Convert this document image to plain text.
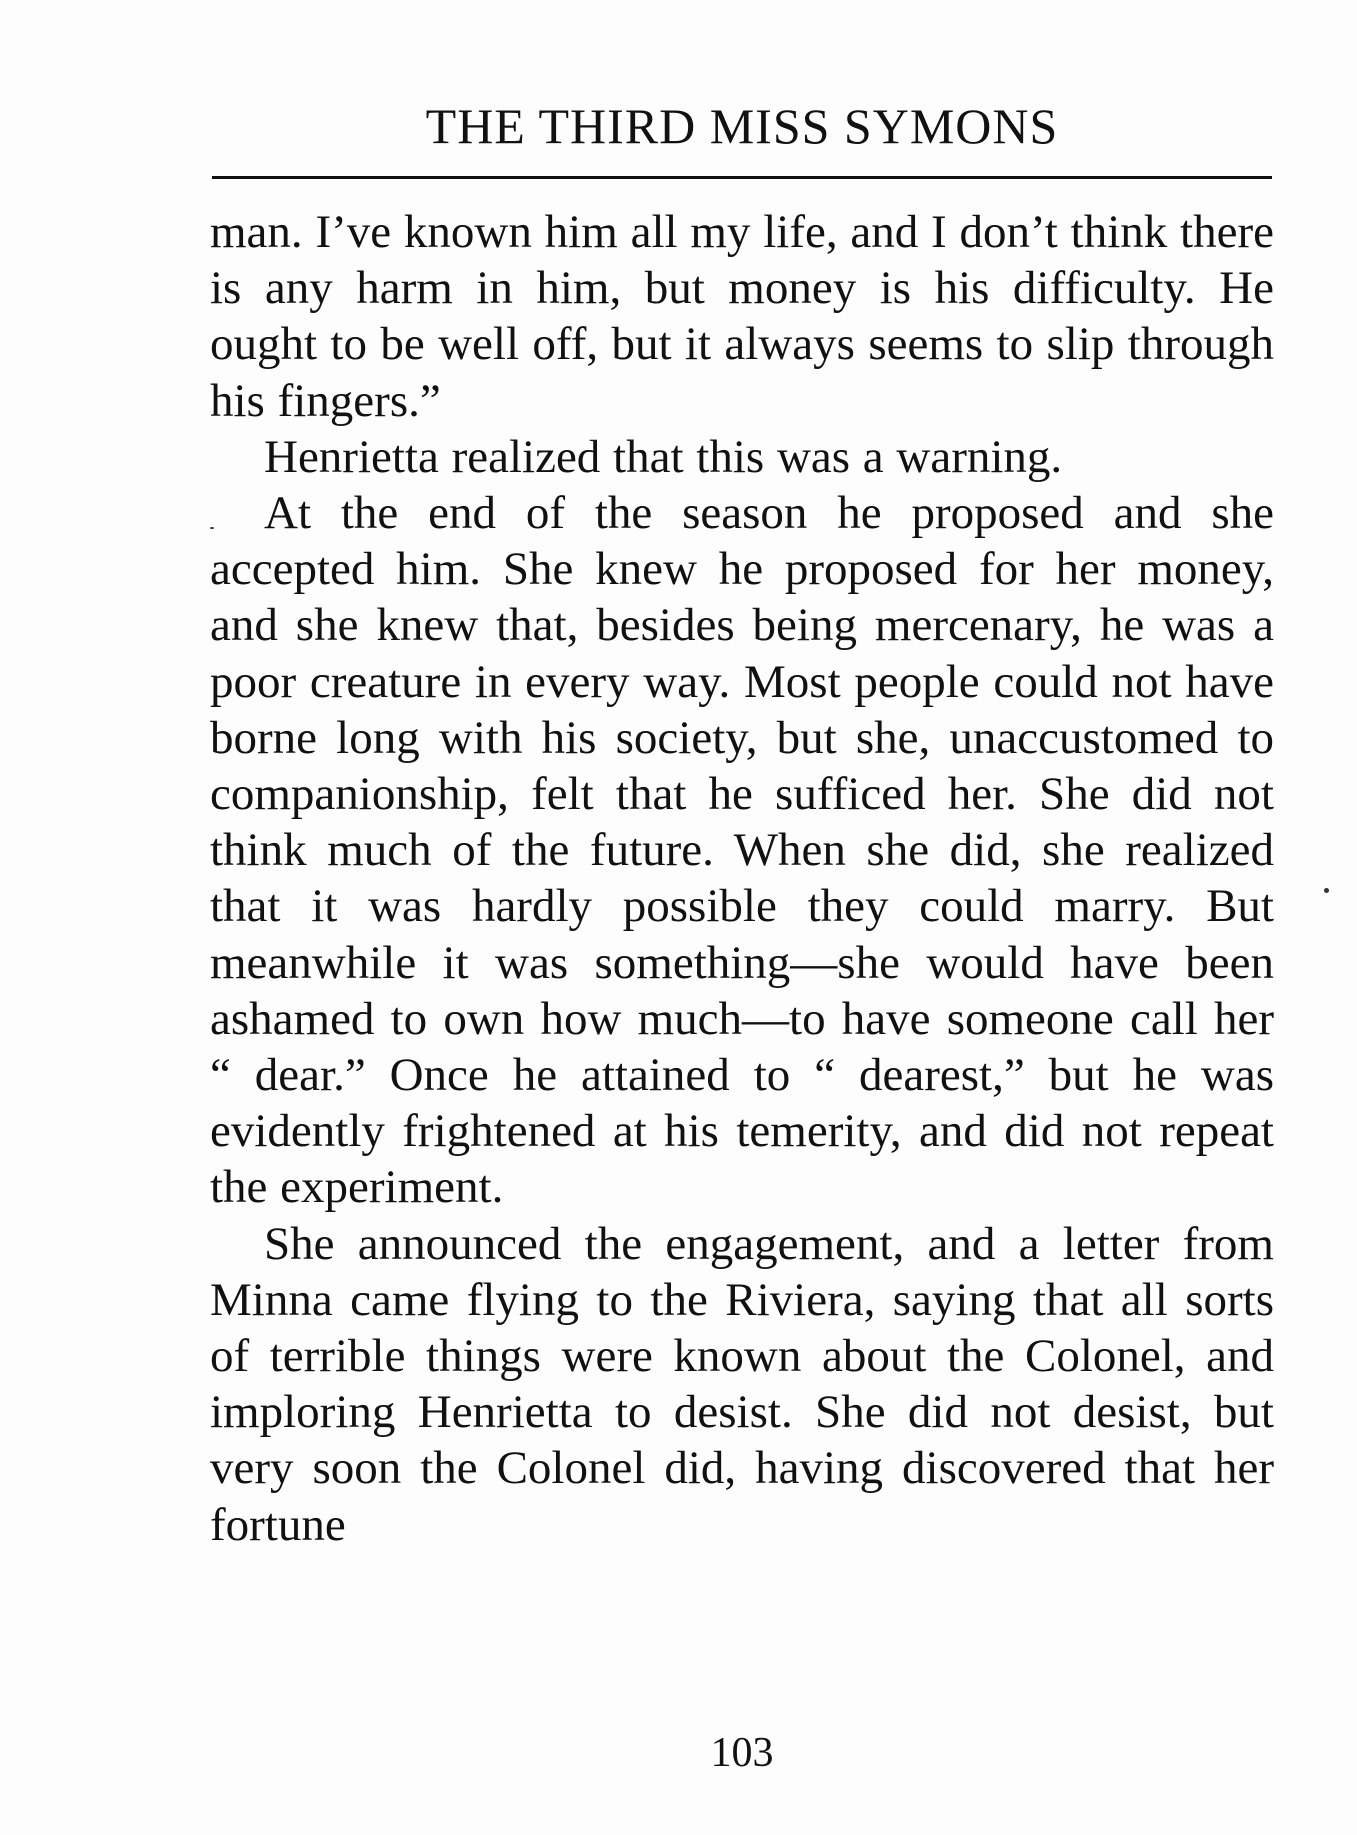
THE THIRD MISS SYMONS

man. I’ve known him all my life, and I don’t think there is any harm in him, but money is his difficulty. He ought to be well off, but it always seems to slip through his fingers.”

Henrietta realized that this was a warning.

At the end of the season he proposed and she accepted him. She knew he proposed for her money, and she knew that, besides being mercenary, he was a poor creature in every way. Most people could not have borne long with his society, but she, unaccustomed to companionship, felt that he sufficed her. She did not think much of the future. When she did, she realized that it was hardly possible they could marry. But meanwhile it was something—she would have been ashamed to own how much—to have someone call her “ dear.” Once he attained to “ dearest,” but he was evidently frightened at his temerity, and did not repeat the experiment.

She announced the engagement, and a letter from Minna came flying to the Riviera, saying that all sorts of terrible things were known about the Colonel, and imploring Henrietta to desist. She did not desist, but very soon the Colonel did, having discovered that her fortune

103
